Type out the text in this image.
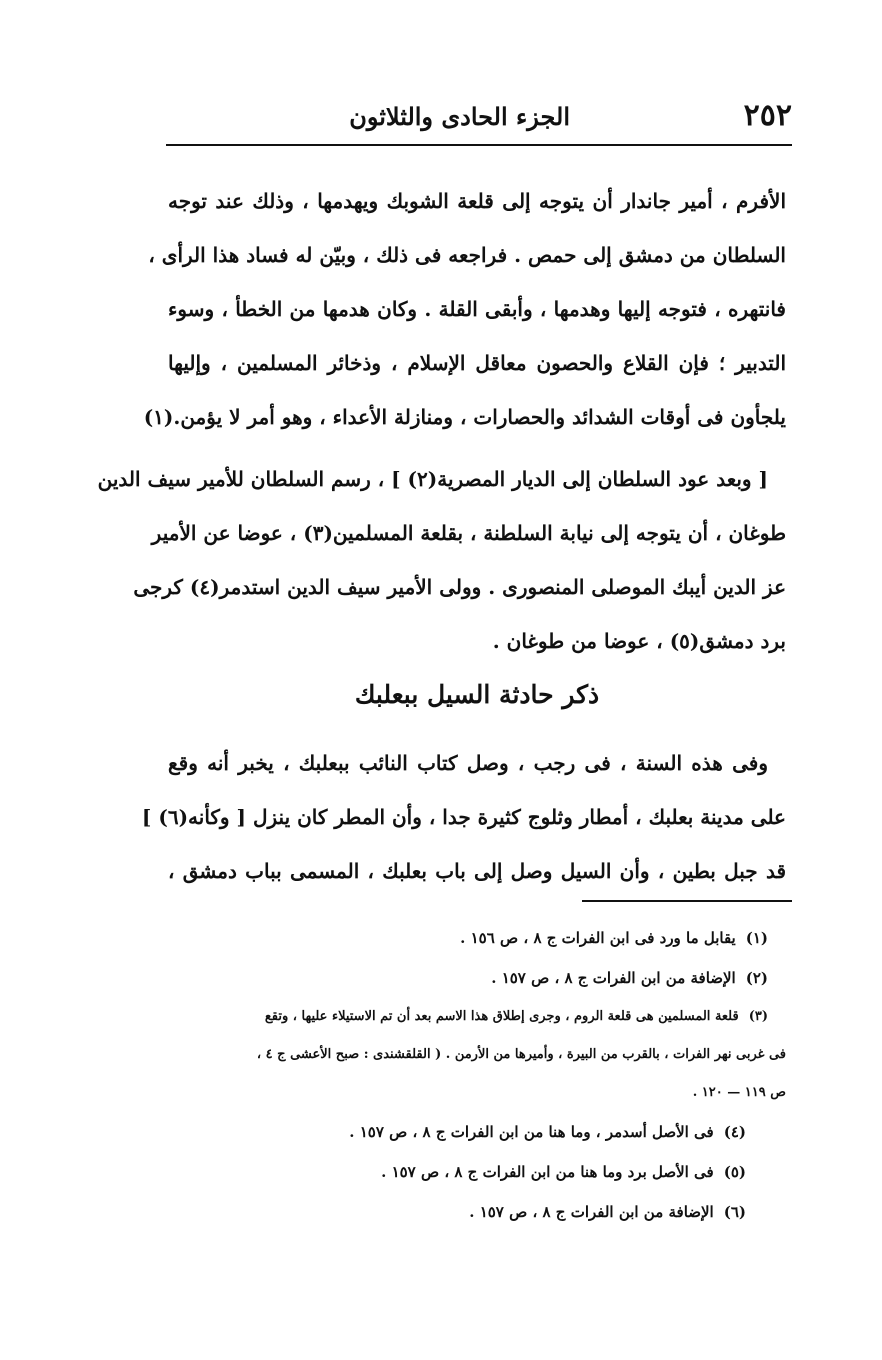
٢٥٢
الجزء الحادى والثلاثون
الأفرم ، أمير جاندار أن يتوجه إلى قلعة الشوبك ويهدمها ، وذلك عند توجه
السلطان من دمشق إلى حمص . فراجعه فى ذلك ، وبيّن له فساد هذا الرأى ،
فانتهره ، فتوجه إليها وهدمها ، وأبقى القلة . وكان هدمها من الخطأ ، وسوء
التدبير ؛ فإن القلاع والحصون معاقل الإسلام ، وذخائر المسلمين ، وإليها
يلجأون فى أوقات الشدائد والحصارات ، ومنازلة الأعداء ، وهو أمر لا يؤمن.(١)
[ وبعد عود السلطان إلى الديار المصرية(٢) ] ، رسم السلطان للأمير سيف الدين
طوغان ، أن يتوجه إلى نيابة السلطنة ، بقلعة المسلمين(٣) ، عوضا عن الأمير
عز الدين أيبك الموصلى المنصورى . وولى الأمير سيف الدين استدمر(٤) كرجى
برد دمشق(٥) ، عوضا من طوغان .
ذكر حادثة السيل ببعلبك
وفى هذه السنة ، فى رجب ، وصل كتاب النائب ببعلبك ، يخبر أنه وقع
على مدينة بعلبك ، أمطار وثلوج كثيرة جدا ، وأن المطر كان ينزل [ وكأنه(٦) ]
قد جبل بطين ، وأن السيل وصل إلى باب بعلبك ، المسمى بباب دمشق ،
(١)يقابل ما ورد فى ابن الفرات ج ٨ ، ص ١٥٦ .
(٢)الإضافة من ابن الفرات ج ٨ ، ص ١٥٧ .
(٣)قلعة المسلمين هى قلعة الروم ، وجرى إطلاق هذا الاسم بعد أن تم الاستيلاء عليها ، وتقع
فى غربى نهر الفرات ، بالقرب من البيرة ، وأميرها من الأرمن . ( القلقشندى : صبح الأعشى ج ٤ ،
ص ١١٩ — ١٢٠ .
(٤)فى الأصل أسدمر ، وما هنا من ابن الفرات ج ٨ ، ص ١٥٧ .
(٥)فى الأصل برد وما هنا من ابن الفرات ج ٨ ، ص ١٥٧ .
(٦)الإضافة من ابن الفرات ج ٨ ، ص ١٥٧ .
